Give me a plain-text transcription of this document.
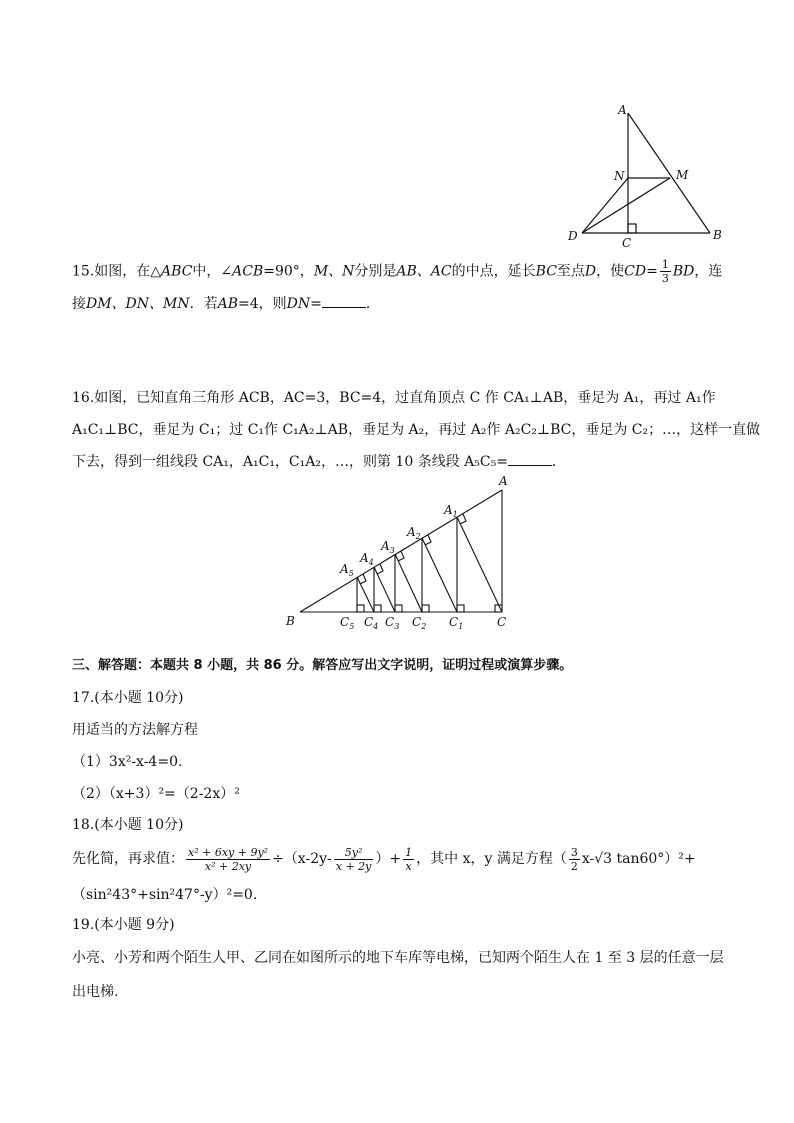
A
N	M
D	C
B
15.如图，在△ABC中，∠ACB=90°，M、N分别是AB、AC的中点，延长BC至点D，使$CD= \frac{1}{3}$ BD，连
接DM、DN、MN．若AB=4，则DN=	．
16.如图，已知直角三角形 ACB，AC=3，BC=4，过直角顶点 C 作 CA₁⊥AB，垂足为 A₁，再过 A₁作
A₁C₁⊥BC，垂足为 C₁；过 C₁作 C₁A₂⊥AB，垂足为 A₂，再过 A₂作 A₂C₂⊥BC，垂足为 C₂；…，这样一直做
下去，得到一组线段 CA₁，A₁C₁，C₁A₂，…，则第 10 条线段 A₅C₅=	．
A
B	C
$A_1$
$A_2$
$A_3$
$A_4$
$A_5$
$C_1$
$C_2$
$C_3$
$C_4$
$C_5$
三、解答题：本题共 8 小题，共 86 分。解答应写出文字说明，证明过程或演算步骤。
17.(本小题 10分)
用适当的方法解方程
（1）3x²-x-4=0.
（2）（x+3）²=（2-2x）²
18.(本小题 10分)
先化简，再求值： $\frac{\text{x² + 6xy + 9y²}}{\text{x² + 2xy}} \div(x-2y- \frac{\text{5y²}}{x + 2y}$ ）+ $\frac{1}{x}$ ，其中 x，y 满足方程（ $\frac{3}{2} x-√3$ tan60°）²+
（sin²43°+sin²47°-y）²=0.
19.(本小题 9分)
小亮、小芳和两个陌生人甲、乙同在如图所示的地下车库等电梯，已知两个陌生人在 1 至 3 层的任意一层
出电梯.
